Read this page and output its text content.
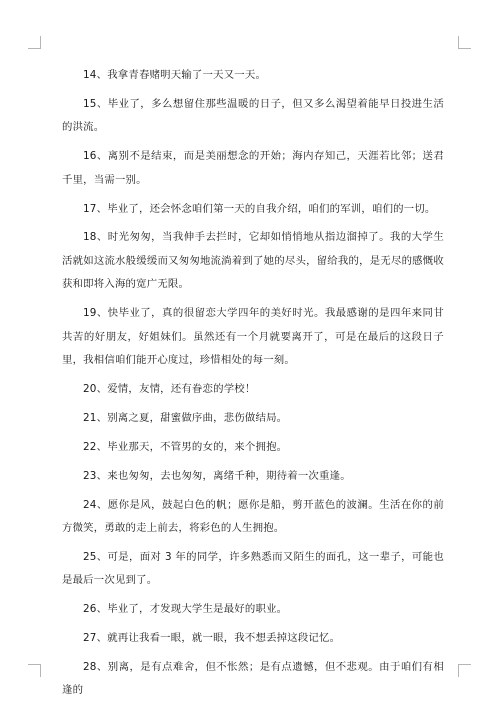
14、我拿青春赌明天输了一天又一天。

15、毕业了，多么想留住那些温暖的日子，但又多么渴望着能早日投进生活的洪流。

16、离别不是结束，而是美丽想念的开始；海内存知己，天涯若比邻；送君千里，当需一别。

17、毕业了，还会怀念咱们第一天的自我介绍，咱们的军训，咱们的一切。

18、时光匆匆，当我伸手去拦时，它却如悄悄地从指边溜掉了。我的大学生活就如这流水般缓缓而又匆匆地流淌着到了她的尽头，留给我的，是无尽的感慨收获和即将入海的宽广无限。

19、快毕业了，真的很留恋大学四年的美好时光。我最感谢的是四年来同甘共苦的好朋友，好姐妹们。虽然还有一个月就要离开了，可是在最后的这段日子里，我相信咱们能开心度过，珍惜相处的每一刻。

20、爱情，友情，还有眷恋的学校！

21、别离之夏，甜蜜做序曲，悲伤做结局。

22、毕业那天，不管男的女的，来个拥抱。

23、来也匆匆，去也匆匆，离绪千种，期待着一次重逢。

24、愿你是风，鼓起白色的帆；愿你是船，剪开蓝色的波澜。生活在你的前方微笑，勇敢的走上前去，将彩色的人生拥抱。

25、可是，面对 3 年的同学，许多熟悉而又陌生的面孔，这一辈子，可能也是最后一次见到了。

26、毕业了，才发现大学生是最好的职业。

27、就再让我看一眼，就一眼，我不想丢掉这段记忆。

28、别离，是有点难舍，但不怅然；是有点遗憾，但不悲观。由于咱们有相逢的
